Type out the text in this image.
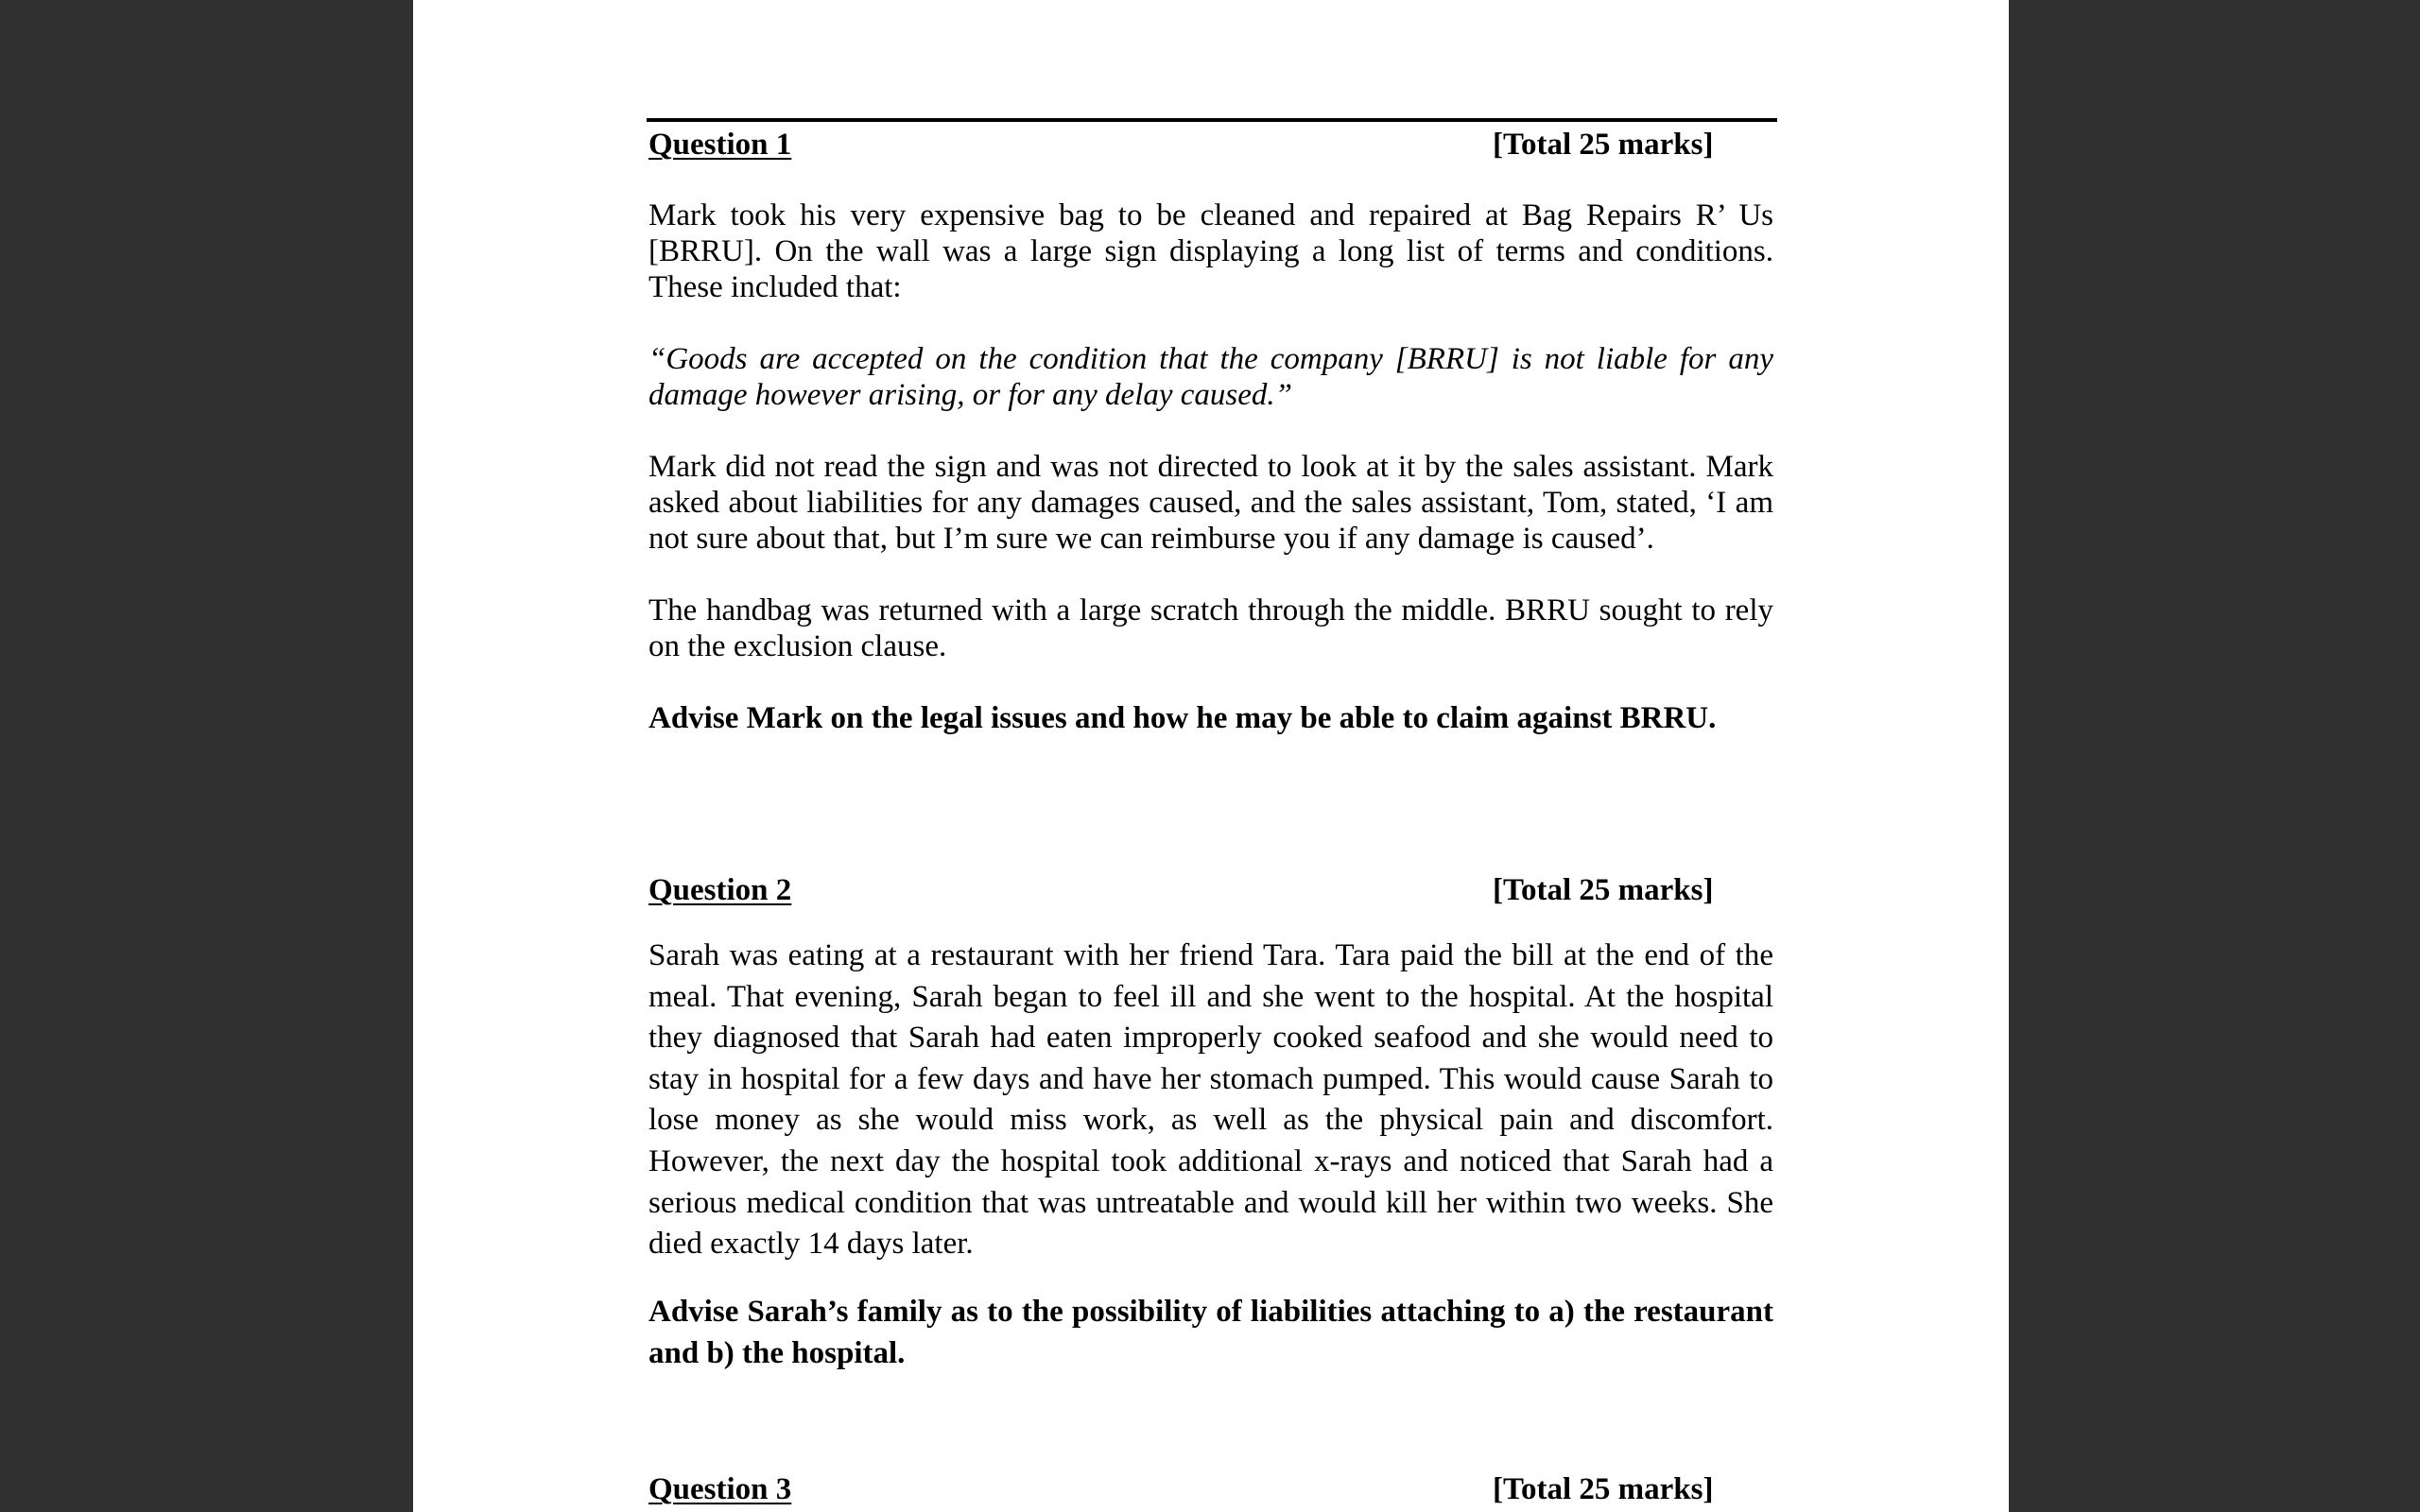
Question 1	[Total 25 marks]

Mark took his very expensive bag to be cleaned and repaired at Bag Repairs R’ Us [BRRU]. On the wall was a large sign displaying a long list of terms and conditions. These included that:

“Goods are accepted on the condition that the company [BRRU] is not liable for any damage however arising, or for any delay caused.”

Mark did not read the sign and was not directed to look at it by the sales assistant. Mark asked about liabilities for any damages caused, and the sales assistant, Tom, stated, ‘I am not sure about that, but I’m sure we can reimburse you if any damage is caused’.

The handbag was returned with a large scratch through the middle. BRRU sought to rely on the exclusion clause.

Advise Mark on the legal issues and how he may be able to claim against BRRU.

Question 2	[Total 25 marks]

Sarah was eating at a restaurant with her friend Tara. Tara paid the bill at the end of the meal. That evening, Sarah began to feel ill and she went to the hospital. At the hospital they diagnosed that Sarah had eaten improperly cooked seafood and she would need to stay in hospital for a few days and have her stomach pumped. This would cause Sarah to lose money as she would miss work, as well as the physical pain and discomfort. However, the next day the hospital took additional x-rays and noticed that Sarah had a serious medical condition that was untreatable and would kill her within two weeks. She died exactly 14 days later.

Advise Sarah’s family as to the possibility of liabilities attaching to a) the restaurant and b) the hospital.

Question 3	[Total 25 marks]
